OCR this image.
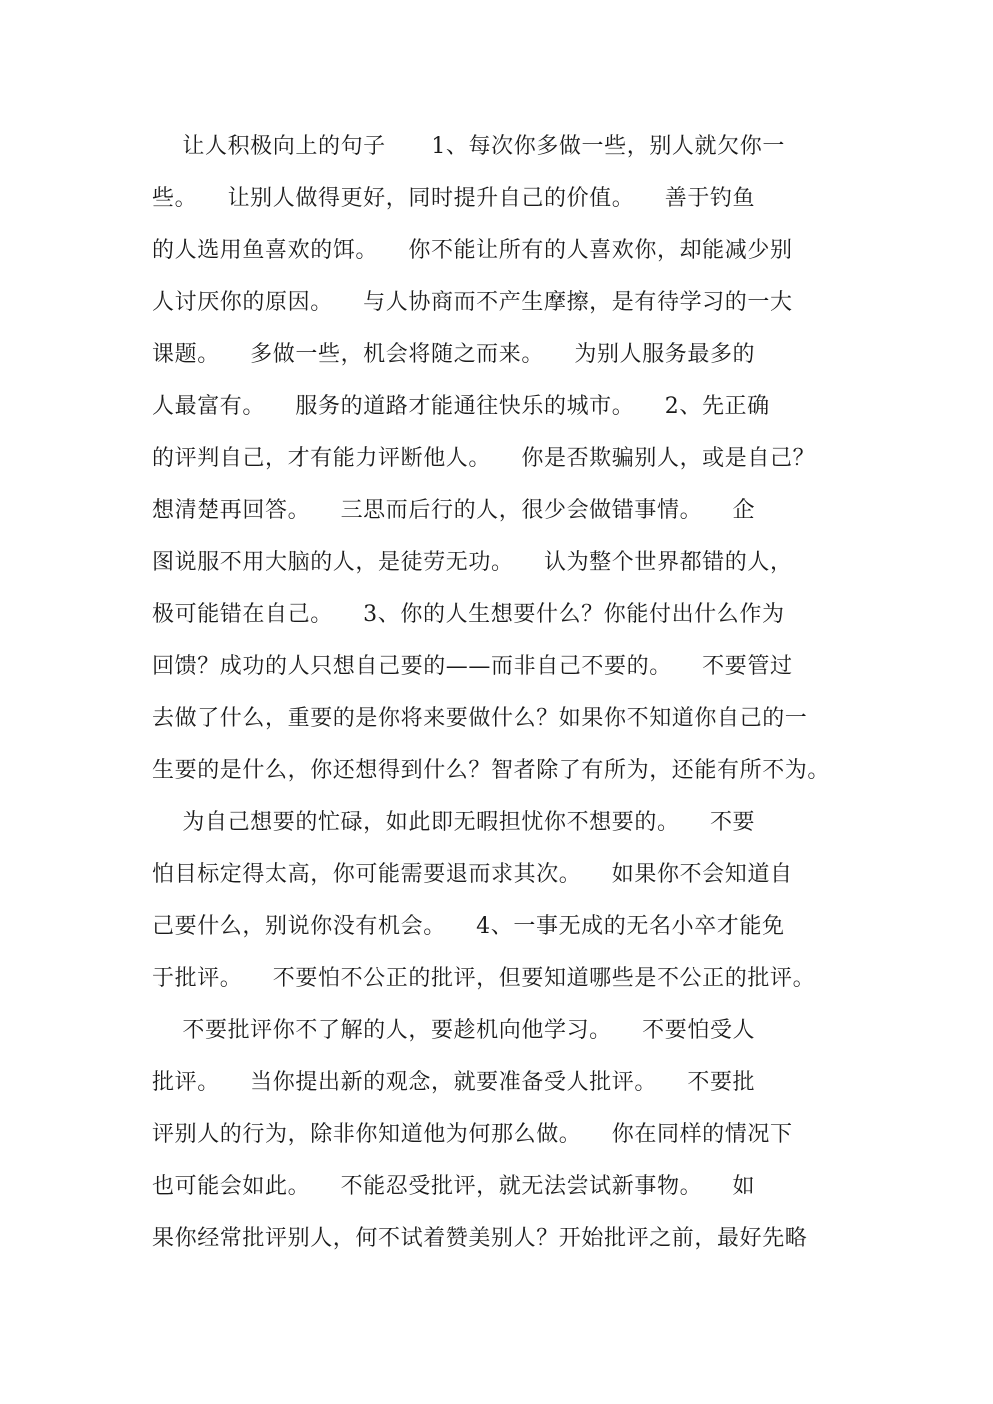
让人积极向上的句子      1、每次你多做一些，别人就欠你一
些。    让别人做得更好，同时提升自己的价值。    善于钓鱼
的人选用鱼喜欢的饵。    你不能让所有的人喜欢你，却能减少别
人讨厌你的原因。    与人协商而不产生摩擦，是有待学习的一大
课题。    多做一些，机会将随之而来。    为别人服务最多的
人最富有。    服务的道路才能通往快乐的城市。    2、先正确
的评判自己，才有能力评断他人。    你是否欺骗别人，或是自己？
想清楚再回答。    三思而后行的人，很少会做错事情。    企
图说服不用大脑的人，是徒劳无功。    认为整个世界都错的人，
极可能错在自己。    3、你的人生想要什么？你能付出什么作为
回馈？成功的人只想自己要的——而非自己不要的。    不要管过
去做了什么，重要的是你将来要做什么？如果你不知道你自己的一
生要的是什么，你还想得到什么？智者除了有所为，还能有所不为。
为自己想要的忙碌，如此即无暇担忧你不想要的。    不要
怕目标定得太高，你可能需要退而求其次。    如果你不会知道自
己要什么，别说你没有机会。    4、一事无成的无名小卒才能免
于批评。    不要怕不公正的批评，但要知道哪些是不公正的批评。
不要批评你不了解的人，要趁机向他学习。    不要怕受人
批评。    当你提出新的观念，就要准备受人批评。    不要批
评别人的行为，除非你知道他为何那么做。    你在同样的情况下
也可能会如此。    不能忍受批评，就无法尝试新事物。    如
果你经常批评别人，何不试着赞美别人？开始批评之前，最好先略
